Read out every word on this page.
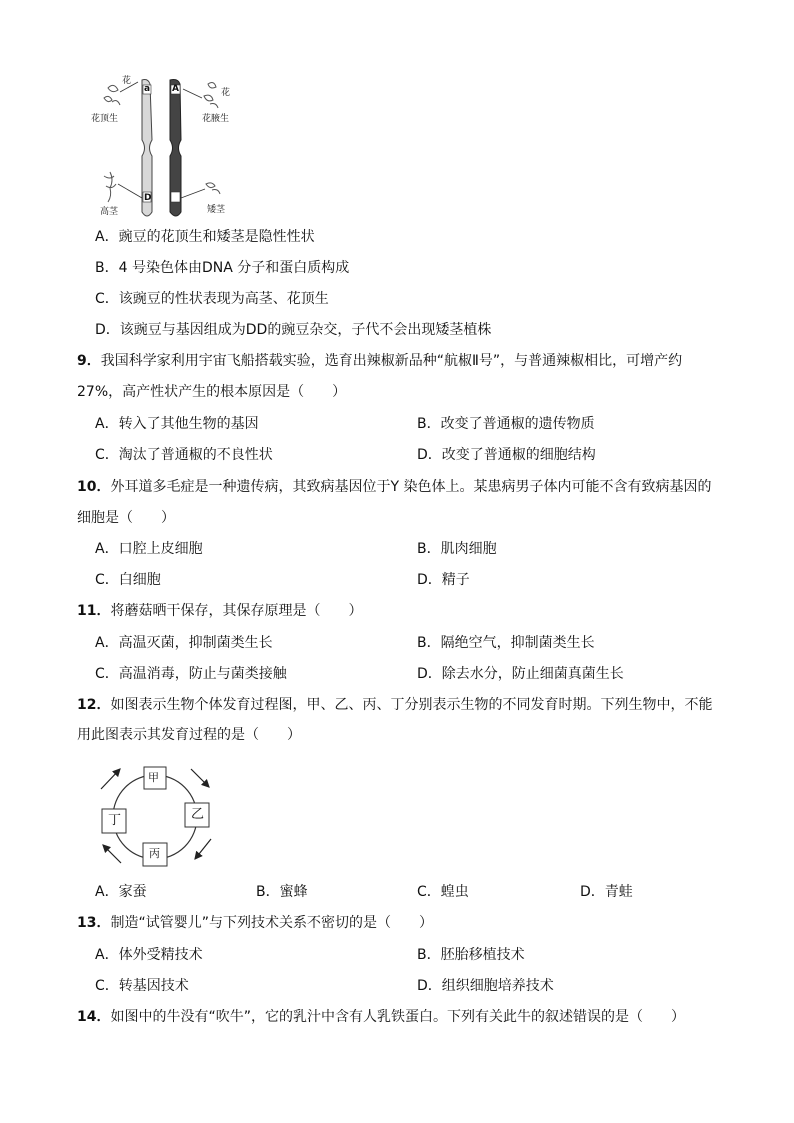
花
花顶生
a A	花
花腋生
D d
高茎	矮茎
A．豌豆的花顶生和矮茎是隐性性状
B．4 号染色体由DNA 分子和蛋白质构成
C．该豌豆的性状表现为高茎、花顶生
D．该豌豆与基因组成为DD的豌豆杂交，子代不会出现矮茎植株
9．我国科学家利用宇宙飞船搭载实验，选育出辣椒新品种“航椒Ⅱ号”，与普通辣椒相比，可增产约
27%，高产性状产生的根本原因是（　　）
A．转入了其他生物的基因	B．改变了普通椒的遗传物质
C．淘汰了普通椒的不良性状	D．改变了普通椒的细胞结构
10．外耳道多毛症是一种遗传病，其致病基因位于Y 染色体上。某患病男子体内可能不含有致病基因的
细胞是（　　）
A．口腔上皮细胞	B．肌肉细胞
C．白细胞	D．精子
11．将蘑菇晒干保存，其保存原理是（　　）
A．高温灭菌，抑制菌类生长	B．隔绝空气，抑制菌类生长
C．高温消毒，防止与菌类接触	D．除去水分，防止细菌真菌生长
12．如图表示生物个体发育过程图，甲、乙、丙、丁分别表示生物的不同发育时期。下列生物中，不能
用此图表示其发育过程的是（　　）
甲
乙
丙
丁
A．家蚕	B．蜜蜂	C．蝗虫	D．青蛙
13．制造“试管婴儿”与下列技术关系不密切的是（　　）
A．体外受精技术	B．胚胎移植技术
C．转基因技术	D．组织细胞培养技术
14．如图中的牛没有“吹牛”，它的乳汁中含有人乳铁蛋白。下列有关此牛的叙述错误的是（　　）
